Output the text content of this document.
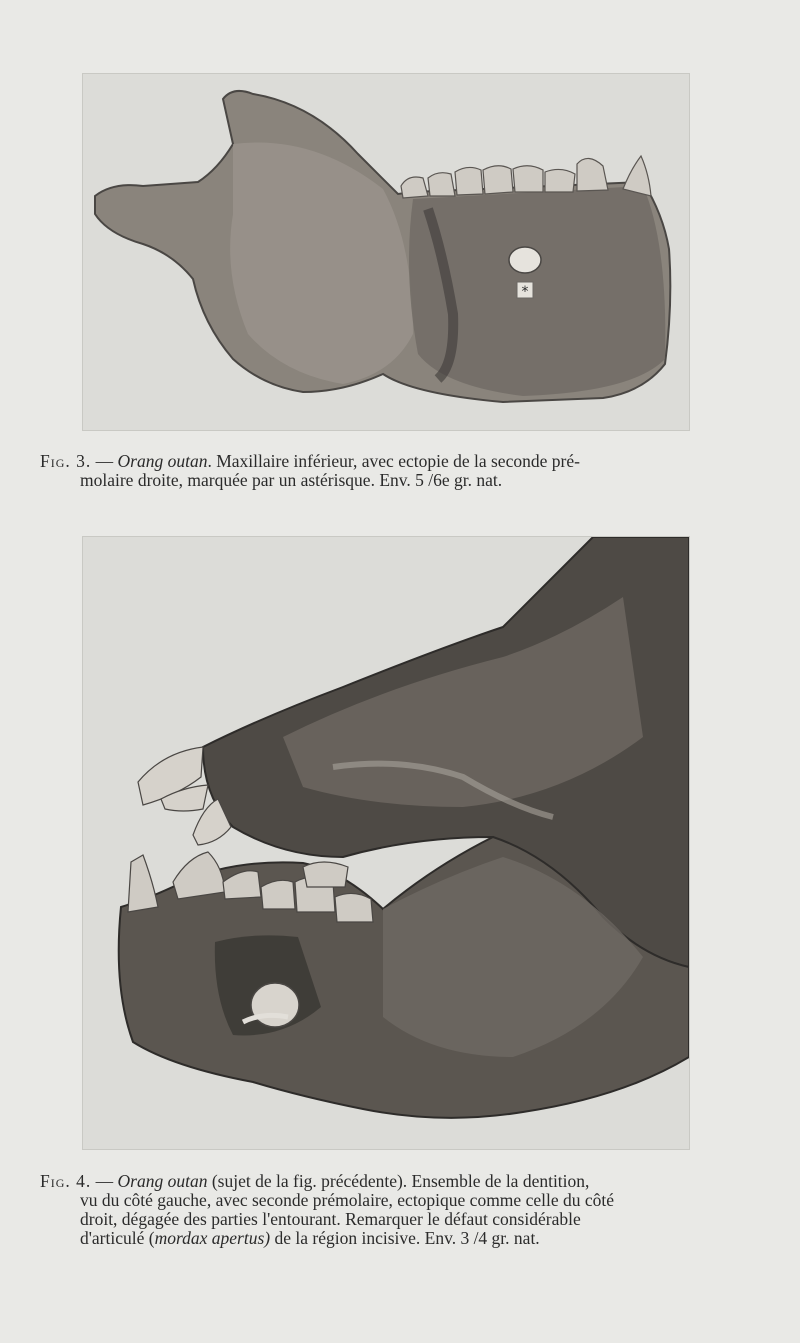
*

Fig. 3. — Orang outan. Maxillaire inférieur, avec ectopie de la seconde pré-
molaire droite, marquée par un astérisque. Env. 5 /6e gr. nat.

Fig. 4. — Orang outan (sujet de la fig. précédente). Ensemble de la dentition,
vu du côté gauche, avec seconde prémolaire, ectopique comme celle du côté
droit, dégagée des parties l'entourant. Remarquer le défaut considérable
d'articulé (mordax apertus) de la région incisive. Env. 3 /4 gr. nat.
